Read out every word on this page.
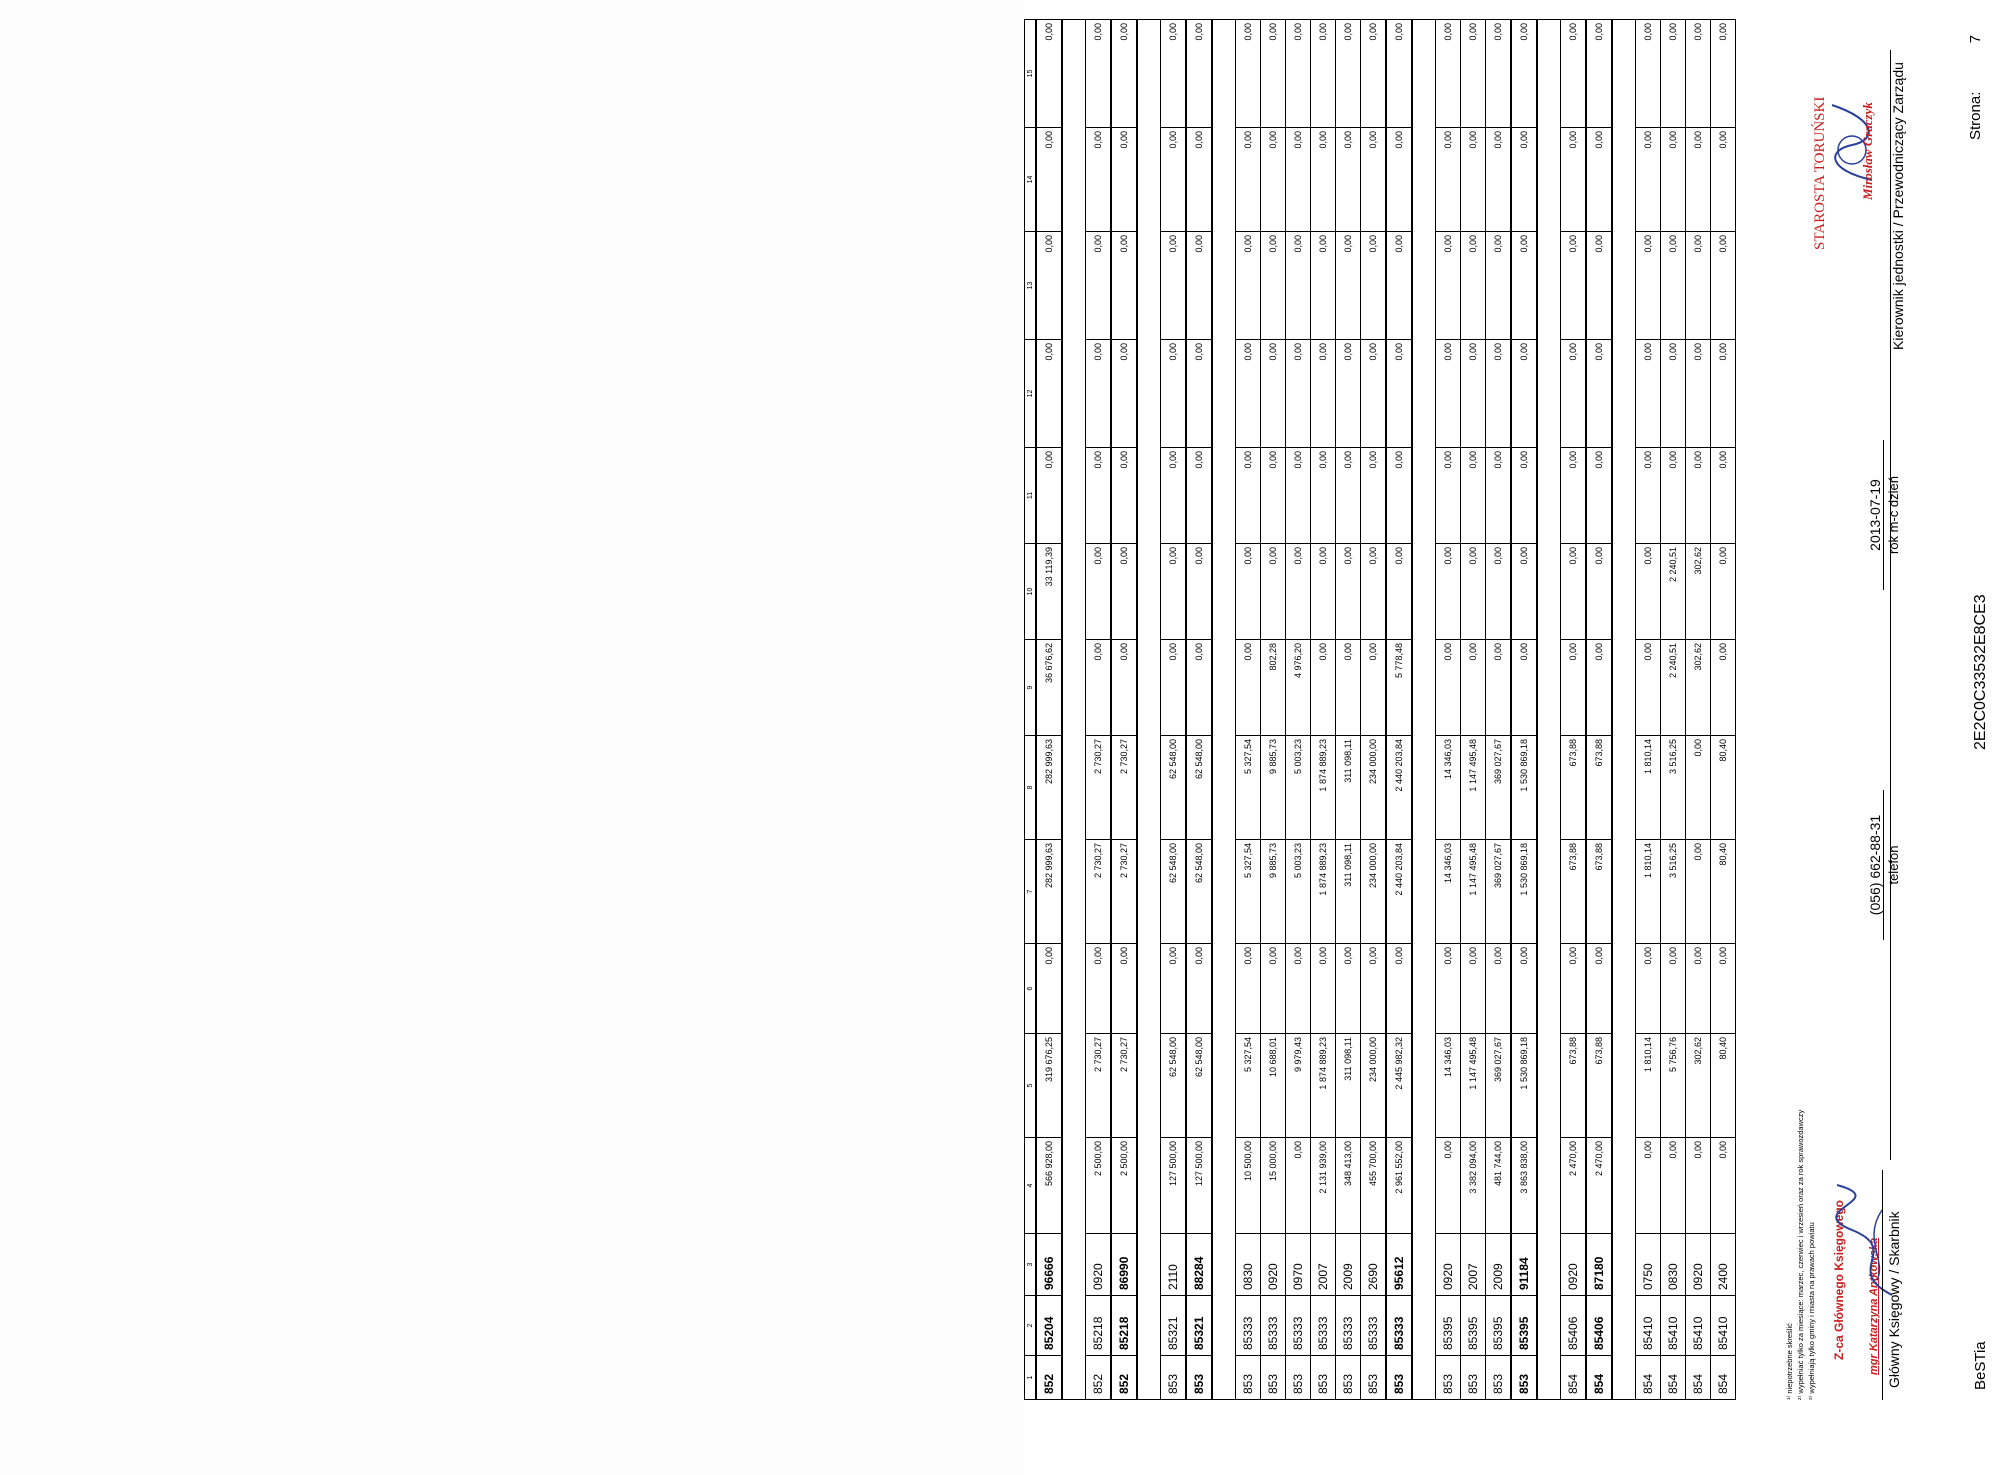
1	2	3	4	5	6	7	8	9	10	11	12	13	14	15
852	85204	96666	566 928,00	319 676,25	0,00	282 999,63	282 999,63	36 676,62	33 119,39	0,00	0,00	0,00	0,00	0,00

852	85218	0920	2 500,00	2 730,27	0,00	2 730,27	2 730,27	0,00	0,00	0,00	0,00	0,00	0,00	0,00
852	85218	86990	2 500,00	2 730,27	0,00	2 730,27	2 730,27	0,00	0,00	0,00	0,00	0,00	0,00	0,00

853	85321	2110	127 500,00	62 548,00	0,00	62 548,00	62 548,00	0,00	0,00	0,00	0,00	0,00	0,00	0,00
853	85321	88284	127 500,00	62 548,00	0,00	62 548,00	62 548,00	0,00	0,00	0,00	0,00	0,00	0,00	0,00

853	85333	0830	10 500,00	5 327,54	0,00	5 327,54	5 327,54	0,00	0,00	0,00	0,00	0,00	0,00	0,00
853	85333	0920	15 000,00	10 688,01	0,00	9 885,73	9 885,73	802,28	0,00	0,00	0,00	0,00	0,00	0,00
853	85333	0970	0,00	9 979,43	0,00	5 003,23	5 003,23	4 976,20	0,00	0,00	0,00	0,00	0,00	0,00
853	85333	2007	2 131 939,00	1 874 889,23	0,00	1 874 889,23	1 874 889,23	0,00	0,00	0,00	0,00	0,00	0,00	0,00
853	85333	2009	348 413,00	311 098,11	0,00	311 098,11	311 098,11	0,00	0,00	0,00	0,00	0,00	0,00	0,00
853	85333	2690	455 700,00	234 000,00	0,00	234 000,00	234 000,00	0,00	0,00	0,00	0,00	0,00	0,00	0,00
853	85333	95612	2 961 552,00	2 445 982,32	0,00	2 440 203,84	2 440 203,84	5 778,48	0,00	0,00	0,00	0,00	0,00	0,00

853	85395	0920	0,00	14 346,03	0,00	14 346,03	14 346,03	0,00	0,00	0,00	0,00	0,00	0,00	0,00
853	85395	2007	3 382 094,00	1 147 495,48	0,00	1 147 495,48	1 147 495,48	0,00	0,00	0,00	0,00	0,00	0,00	0,00
853	85395	2009	481 744,00	369 027,67	0,00	369 027,67	369 027,67	0,00	0,00	0,00	0,00	0,00	0,00	0,00
853	85395	91184	3 863 838,00	1 530 869,18	0,00	1 530 869,18	1 530 869,18	0,00	0,00	0,00	0,00	0,00	0,00	0,00

854	85406	0920	2 470,00	673,88	0,00	673,88	673,88	0,00	0,00	0,00	0,00	0,00	0,00	0,00
854	85406	87180	2 470,00	673,88	0,00	673,88	673,88	0,00	0,00	0,00	0,00	0,00	0,00	0,00

854	85410	0750	0,00	1 810,14	0,00	1 810,14	1 810,14	0,00	0,00	0,00	0,00	0,00	0,00	0,00
854	85410	0830	0,00	5 756,76	0,00	3 516,25	3 516,25	2 240,51	2 240,51	0,00	0,00	0,00	0,00	0,00
854	85410	0920	0,00	302,62	0,00	0,00	0,00	302,62	302,62	0,00	0,00	0,00	0,00	0,00
854	85410	2400	0,00	80,40	0,00	80,40	80,40	0,00	0,00	0,00	0,00	0,00	0,00	0,00
¹⁾ niepotrzebne skreślić ²⁾ wypełniać tylko za miesiące: marzec, czerwiec i wrzesień oraz za rok sprawozdawczy ³⁾ wypełniają tylko gminy i miasta na prawach powiatu Z-ca Głównego Księgowego mgr Katarzyna Antkowska Główny Księgowy / Skarbnik
(056) 662-88-31 telefon
2013-07-19 rok m-c dzień
STAROSTA TORUŃSKI Mirosław Graczyk Kierownik jednostki / Przewodniczący Zarządu
BeSTia
2E2C0C33532E8CE3
Strona:  7
